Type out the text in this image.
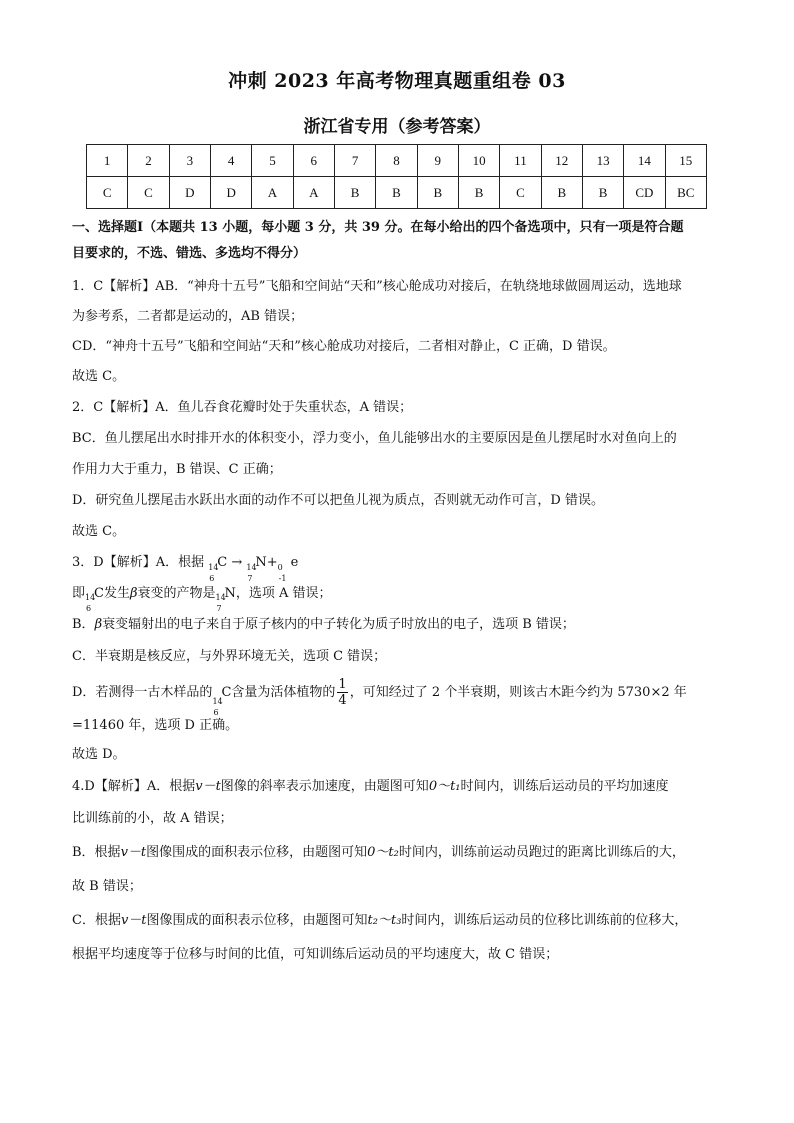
冲刺 2023 年高考物理真题重组卷 03
浙江省专用（参考答案）
1	2	3	4	5	6	7	8	9	10	11	12	13	14	15
C	C	D	D	A	A	B	B	B	B	C	B	B	CD	BC

一、选择题Ⅰ（本题共 13 小题，每小题 3 分，共 39 分。在每小给出的四个备选项中，只有一项是符合题

目要求的，不选、错选、多选均不得分）

1．C【解析】AB．“神舟十五号”飞船和空间站“天和”核心舱成功对接后，在轨绕地球做圆周运动，选地球

为参考系，二者都是运动的，AB 错误；

CD．“神舟十五号”飞船和空间站“天和”核心舱成功对接后，二者相对静止，C 正确，D 错误。

故选 C。

2．C【解析】A．鱼儿吞食花瓣时处于失重状态，A 错误；

BC．鱼儿摆尾出水时排开水的体积变小，浮力变小，鱼儿能够出水的主要原因是鱼儿摆尾时水对鱼向上的

作用力大于重力，B 错误、C 正确；

D．研究鱼儿摆尾击水跃出水面的动作不可以把鱼儿视为质点，否则就无动作可言，D 错误。

故选 C。

3．D【解析】A．根据 14
6
C → 14
7
N+ 0
-1
e

即 14
6
C发生β衰变的产物是 14
7
N，选项 A 错误；

B．β衰变辐射出的电子来自于原子核内的中子转化为质子时放出的电子，选项 B 错误；

C．半衰期是核反应，与外界环境无关，选项 C 错误；

D．若测得一古木样品的
14
6
C含量为活体植物的 $\frac{1}{4}$ ，可知经过了 2 个半衰期，则该古木距今约为 5730×2 年

=11460 年，选项 D 正确。

故选 D。

4.D【解析】A．根据v－t图像的斜率表示加速度，由题图可知0～t₁时间内，训练后运动员的平均加速度

比训练前的小，故 A 错误；

B．根据v－t图像围成的面积表示位移，由题图可知0～t₂时间内，训练前运动员跑过的距离比训练后的大，

故 B 错误；

C．根据v－t图像围成的面积表示位移，由题图可知t₂～t₃时间内，训练后运动员的位移比训练前的位移大，

根据平均速度等于位移与时间的比值，可知训练后运动员的平均速度大，故 C 错误；
